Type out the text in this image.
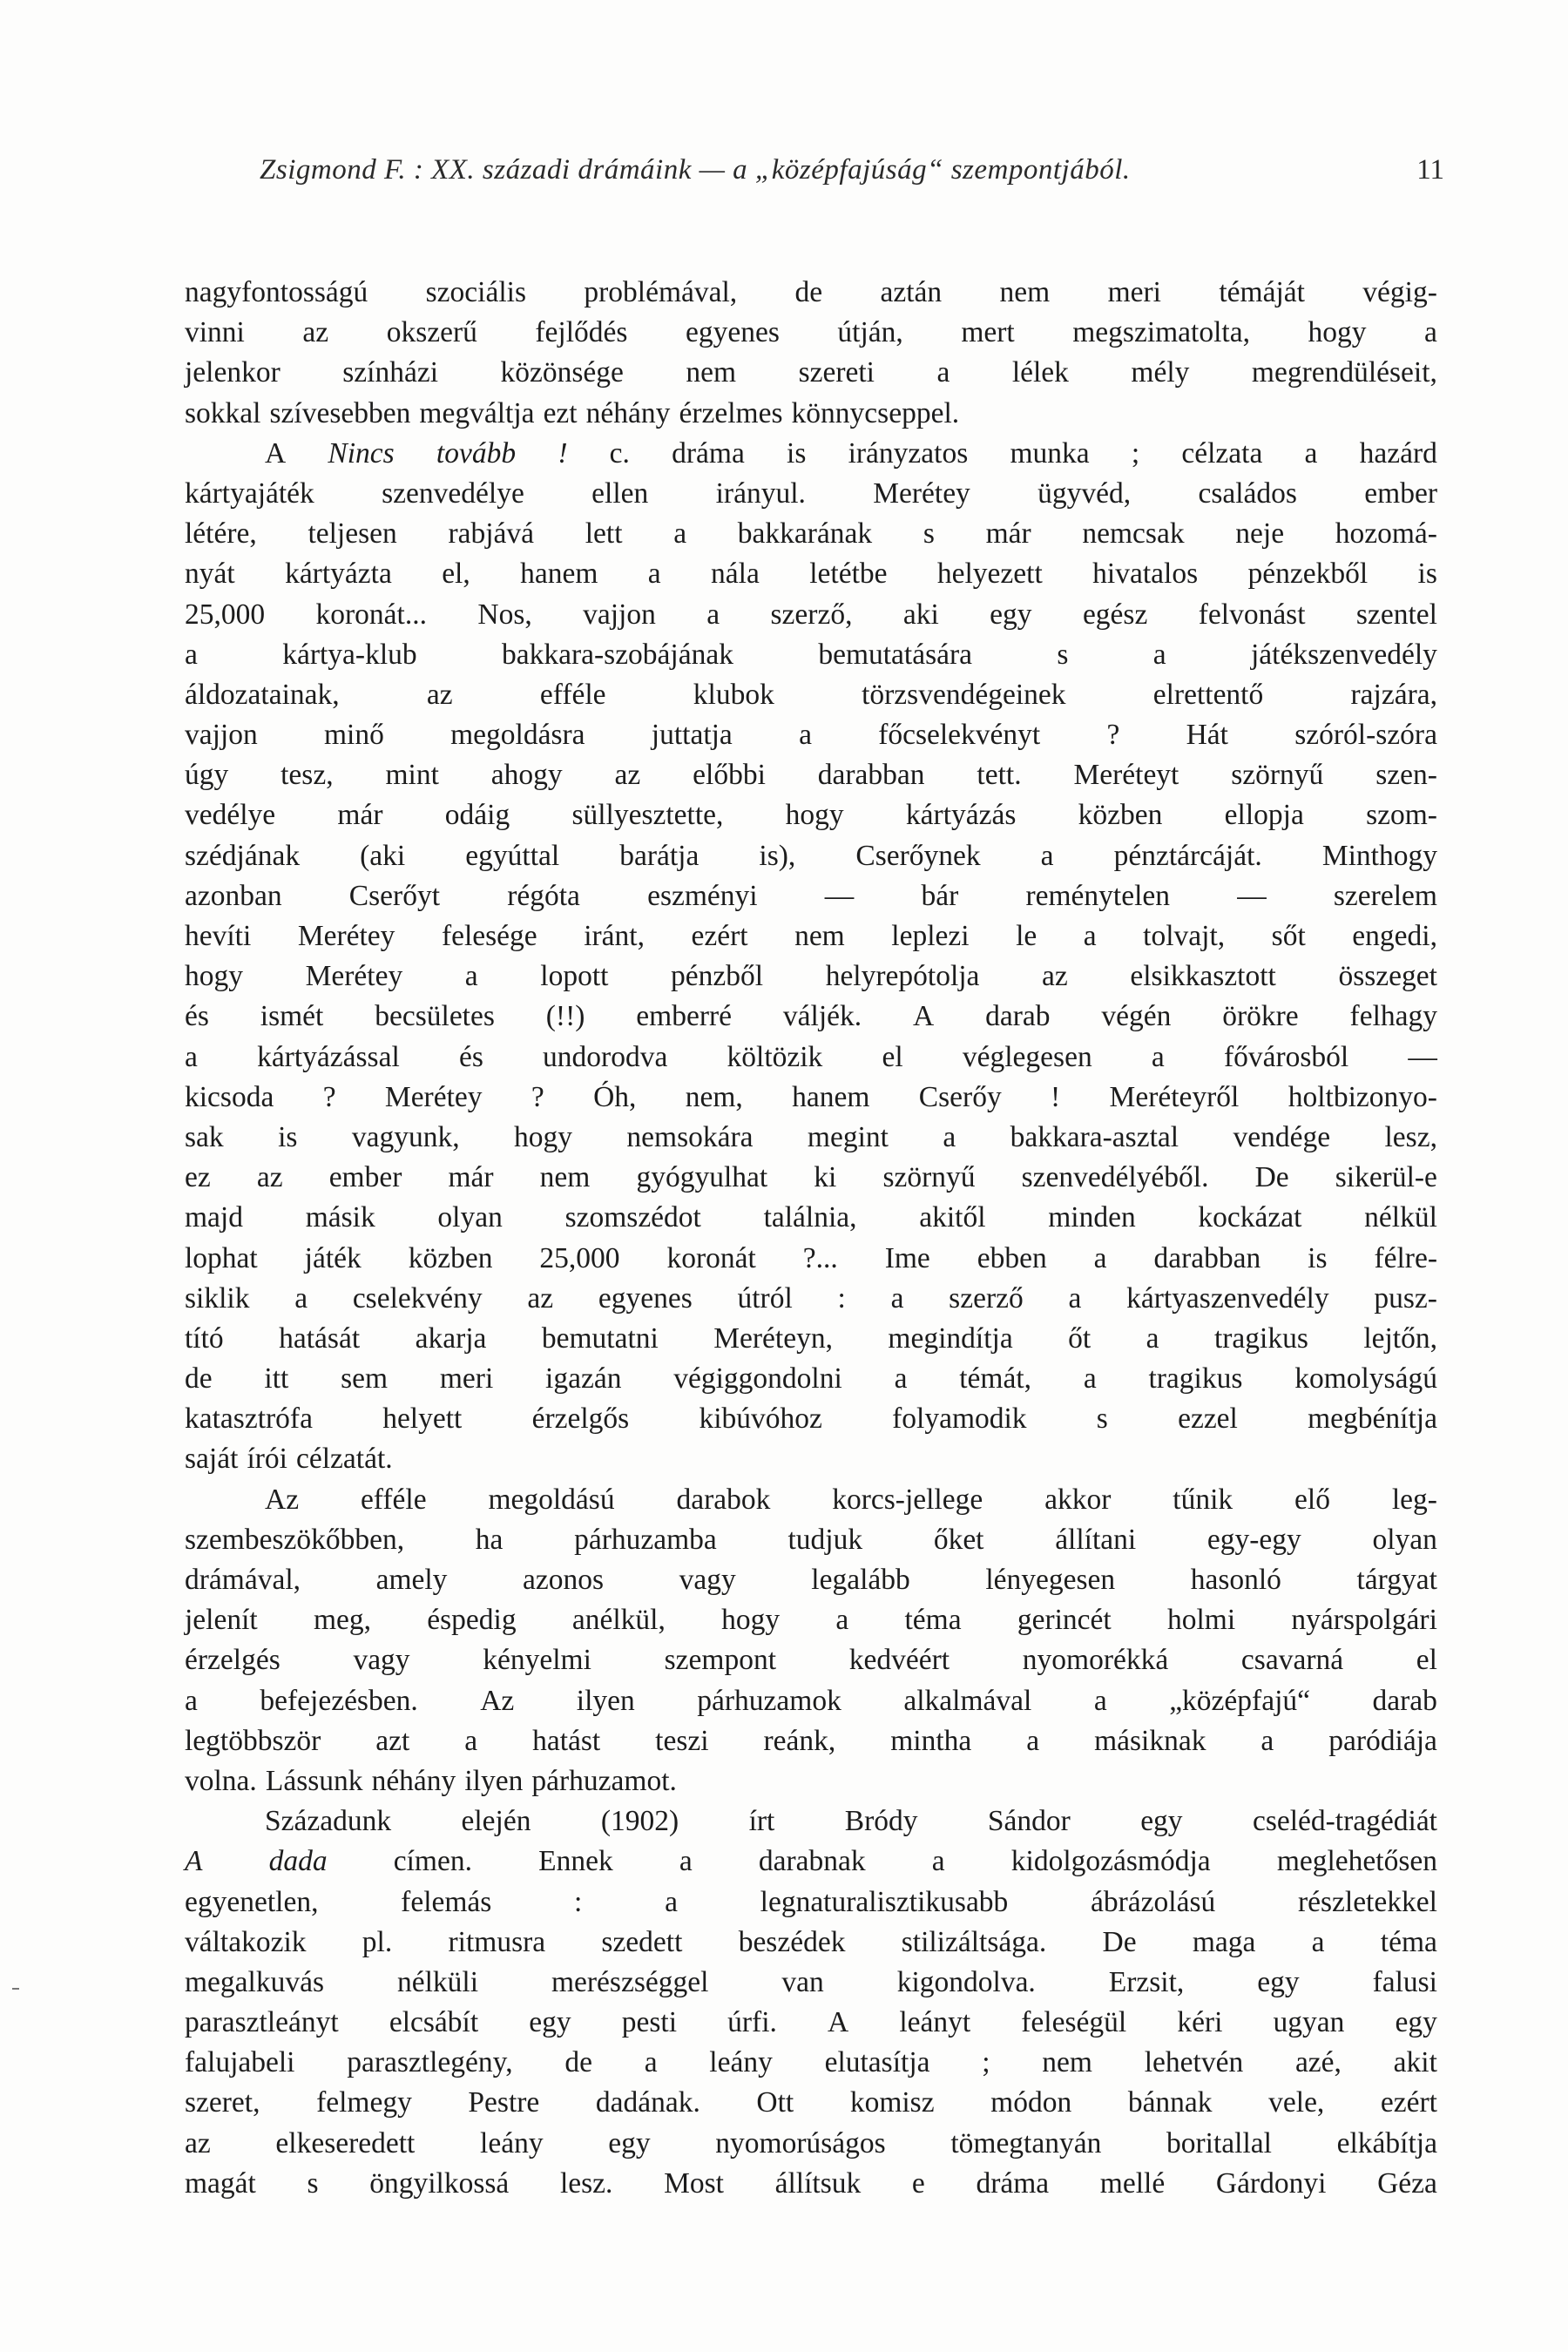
Zsigmond F. : XX. századi drámáink — a „középfajúság“ szempontjából.	11
nagyfontosságú szociális problémával, de aztán nem meri témáját végig-
vinni az okszerű fejlődés egyenes útján, mert megszimatolta, hogy a
jelenkor színházi közönsége nem szereti a lélek mély megrendüléseit,
sokkal szívesebben megváltja ezt néhány érzelmes könnycseppel.
A Nincs tovább ! c. dráma is irányzatos munka ; célzata a hazárd
kártyajáték szenvedélye ellen irányul. Merétey ügyvéd, családos ember
létére, teljesen rabjává lett a bakkarának s már nemcsak neje hozomá-
nyát kártyázta el, hanem a nála letétbe helyezett hivatalos pénzekből is
25,000 koronát... Nos, vajjon a szerző, aki egy egész felvonást szentel
a	kártya-klub	bakkara-szobájának	bemutatására	s	a	játékszenvedély
áldozatainak,	az	efféle	klubok	törzsvendégeinek	elrettentő	rajzára,
vajjon minő megoldásra juttatja a főcselekvényt ? Hát szóról-szóra
úgy tesz, mint ahogy az előbbi darabban tett. Meréteyt szörnyű szen-
vedélye már odáig süllyesztette, hogy kártyázás közben ellopja szom-
szédjának (aki egyúttal barátja is), Cserőynek a pénztárcáját. Minthogy
azonban Cserőyt régóta eszményi — bár reménytelen — szerelem
hevíti Merétey felesége iránt, ezért nem leplezi le a tolvajt, sőt engedi,
hogy Merétey a lopott pénzből helyrepótolja az elsikkasztott összeget
és ismét becsületes (!!) emberré váljék. A darab végén örökre felhagy
a kártyázással és undorodva költözik el véglegesen a fővárosból —
kicsoda ? Merétey ? Óh, nem, hanem Cserőy ! Meréteyről holtbizonyo-
sak is vagyunk, hogy nemsokára megint a bakkara-asztal vendége lesz,
ez az ember már nem gyógyulhat ki szörnyű szenvedélyéből. De sikerül-e
majd másik olyan szomszédot találnia, akitől minden kockázat nélkül
lophat játék közben 25,000 koronát ?... Ime ebben a darabban is félre-
siklik a cselekvény az egyenes útról : a szerző a kártyaszenvedély pusz-
tító hatását akarja bemutatni Meréteyn, megindítja őt a tragikus lejtőn,
de itt sem meri igazán végiggondolni a témát, a tragikus komolyságú
katasztrófa helyett érzelgős kibúvóhoz folyamodik s ezzel megbénítja
saját írói célzatát.
Az efféle megoldású darabok korcs-jellege akkor tűnik elő leg-
szembeszökőbben, ha párhuzamba tudjuk őket állítani egy-egy olyan
drámával,	amely	azonos	vagy	legalább	lényegesen	hasonló	tárgyat
jelenít meg, éspedig anélkül, hogy a téma gerincét holmi nyárspolgári
érzelgés vagy kényelmi szempont kedvéért nyomorékká csavarná el
a befejezésben. Az ilyen párhuzamok alkalmával a „középfajú“ darab
legtöbbször azt a hatást teszi reánk, mintha a másiknak a paródiája
volna. Lássunk néhány ilyen párhuzamot.
Századunk elején (1902) írt Bródy Sándor egy cseléd-tragédiát
A dada címen. Ennek a darabnak a kidolgozásmódja meglehetősen
egyenetlen,	felemás	:	a	legnaturalisztikusabb	ábrázolású	részletekkel
váltakozik pl. ritmusra szedett beszédek stilizáltsága. De maga a téma
megalkuvás	nélküli	merészséggel	van	kigondolva.	Erzsit,	egy	falusi
parasztleányt elcsábít egy pesti úrfi. A leányt feleségül kéri ugyan egy
falujabeli parasztlegény, de a leány elutasítja ; nem lehetvén azé, akit
szeret, felmegy Pestre dadának. Ott komisz módon bánnak vele, ezért
az elkeseredett leány egy nyomorúságos tömegtanyán boritallal elkábítja
magát s öngyilkossá lesz. Most állítsuk e dráma mellé Gárdonyi Géza
